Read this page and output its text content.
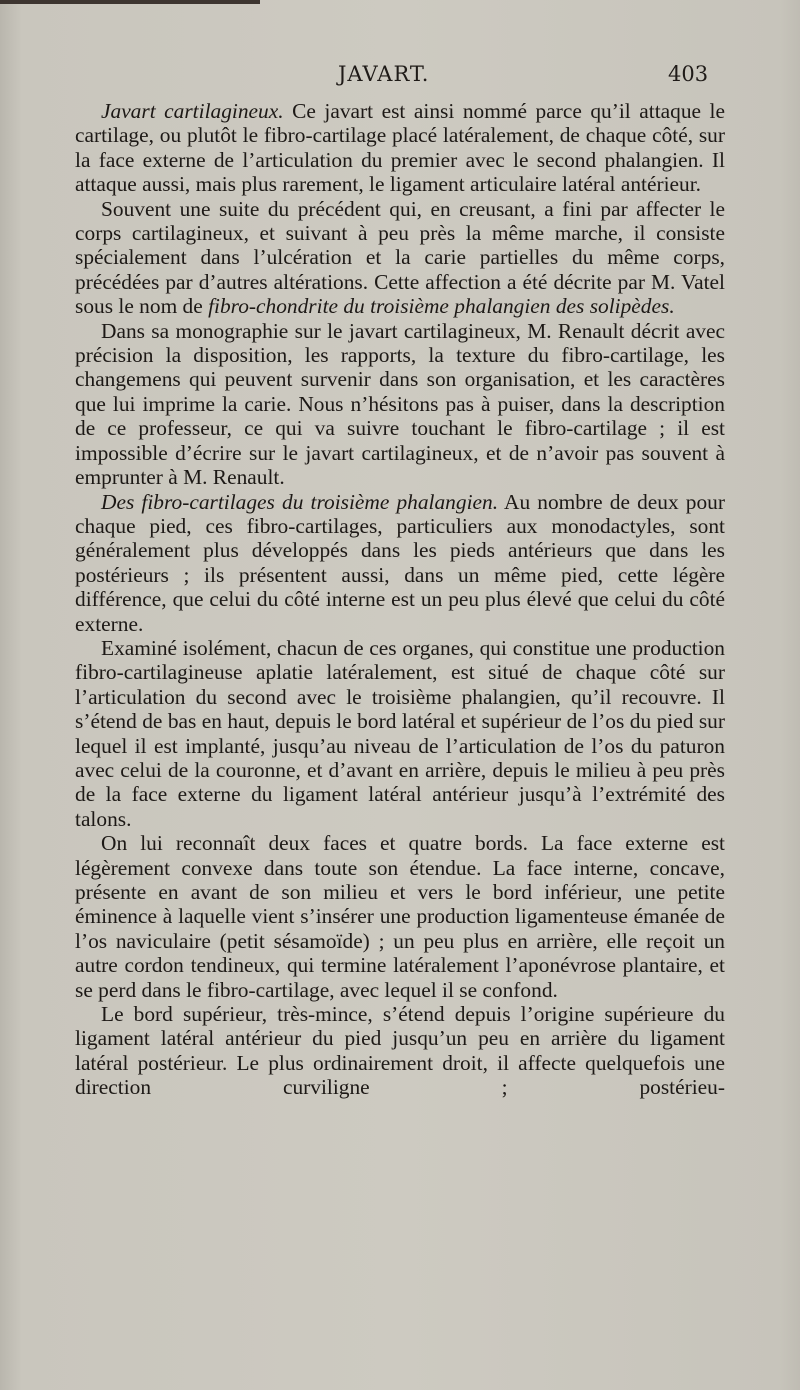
JAVART.	403

Javart cartilagineux. Ce javart est ainsi nommé parce qu’il attaque le cartilage, ou plutôt le fibro-cartilage placé latéralement, de chaque côté, sur la face externe de l’articulation du premier avec le second phalangien. Il attaque aussi, mais plus rarement, le ligament articulaire latéral antérieur.

Souvent une suite du précédent qui, en creusant, a fini par affecter le corps cartilagineux, et suivant à peu près la même marche, il consiste spécialement dans l’ulcération et la carie partielles du même corps, précédées par d’autres altérations. Cette affection a été décrite par M. Vatel sous le nom de fibro-chondrite du troisième phalangien des solipèdes.

Dans sa monographie sur le javart cartilagineux, M. Renault décrit avec précision la disposition, les rapports, la texture du fibro-cartilage, les changemens qui peuvent survenir dans son organisation, et les caractères que lui imprime la carie. Nous n’hésitons pas à puiser, dans la description de ce professeur, ce qui va suivre touchant le fibro-cartilage ; il est impossible d’écrire sur le javart cartilagineux, et de n’avoir pas souvent à emprunter à M. Renault.

Des fibro-cartilages du troisième phalangien. Au nombre de deux pour chaque pied, ces fibro-cartilages, particuliers aux monodactyles, sont généralement plus développés dans les pieds antérieurs que dans les postérieurs ; ils présentent aussi, dans un même pied, cette légère différence, que celui du côté interne est un peu plus élevé que celui du côté externe.

Examiné isolément, chacun de ces organes, qui constitue une production fibro-cartilagineuse aplatie latéralement, est situé de chaque côté sur l’articulation du second avec le troisième phalangien, qu’il recouvre. Il s’étend de bas en haut, depuis le bord latéral et supérieur de l’os du pied sur lequel il est implanté, jusqu’au niveau de l’articulation de l’os du paturon avec celui de la couronne, et d’avant en arrière, depuis le milieu à peu près de la face externe du ligament latéral antérieur jusqu’à l’extrémité des talons.

On lui reconnaît deux faces et quatre bords. La face externe est légèrement convexe dans toute son étendue. La face interne, concave, présente en avant de son milieu et vers le bord inférieur, une petite éminence à laquelle vient s’insérer une production ligamenteuse émanée de l’os naviculaire (petit sésamoïde) ; un peu plus en arrière, elle reçoit un autre cordon tendineux, qui termine latéralement l’aponévrose plantaire, et se perd dans le fibro-cartilage, avec lequel il se confond.

Le bord supérieur, très-mince, s’étend depuis l’origine supérieure du ligament latéral antérieur du pied jusqu’un peu en arrière du ligament latéral postérieur. Le plus ordinairement droit, il affecte quelquefois une direction curviligne ; postérieu-
